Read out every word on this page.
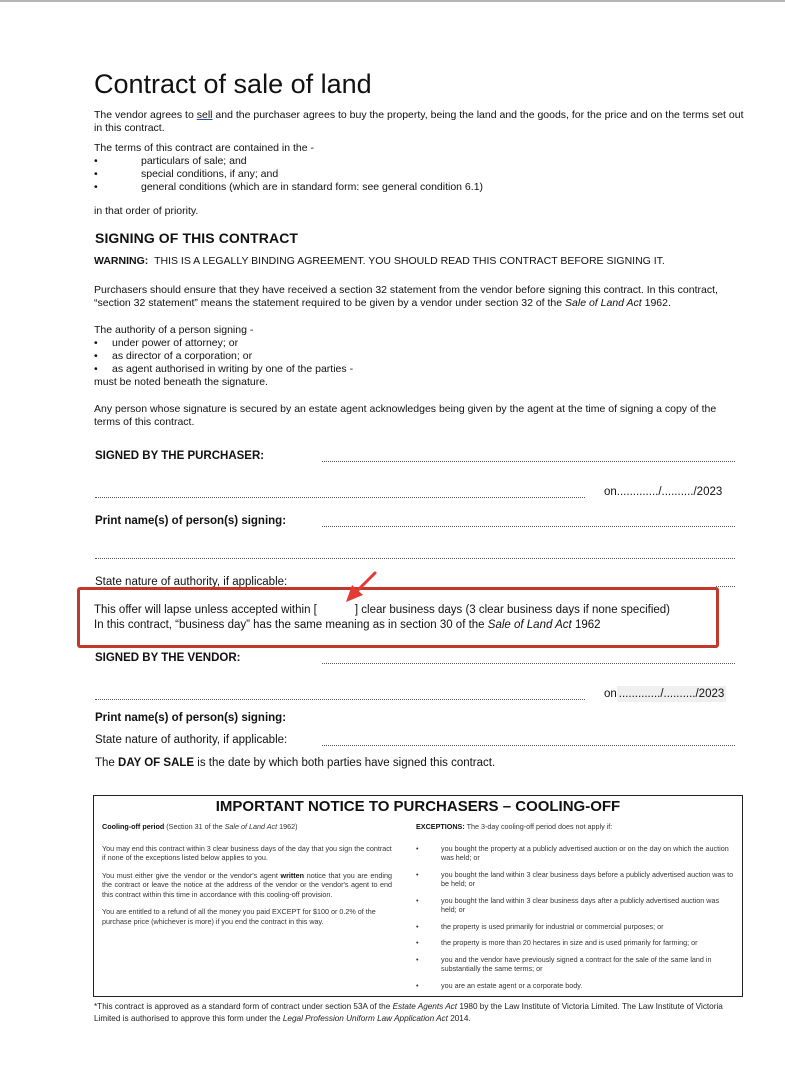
Contract of sale of land
The vendor agrees to sell and the purchaser agrees to buy the property, being the land and the goods, for the price and on the terms set out in this contract.
The terms of this contract are contained in the -
•	particulars of sale; and
•	special conditions, if any; and
•	general conditions (which are in standard form: see general condition 6.1)
in that order of priority.
SIGNING OF THIS CONTRACT
WARNING: THIS IS A LEGALLY BINDING AGREEMENT. YOU SHOULD READ THIS CONTRACT BEFORE SIGNING IT.
Purchasers should ensure that they have received a section 32 statement from the vendor before signing this contract. In this contract, “section 32 statement” means the statement required to be given by a vendor under section 32 of the Sale of Land Act 1962.
The authority of a person signing -
•	under power of attorney; or
•	as director of a corporation; or
•	as agent authorised in writing by one of the parties -
must be noted beneath the signature.
Any person whose signature is secured by an estate agent acknowledges being given by the agent at the time of signing a copy of the terms of this contract.
SIGNED BY THE PURCHASER:
on............./........../2023
Print name(s) of person(s) signing:
State nature of authority, if applicable:
This offer will lapse unless accepted within [	] clear business days (3 clear business days if none specified)
In this contract, “business day” has the same meaning as in section 30 of the Sale of Land Act 1962
SIGNED BY THE VENDOR:
on ............./........../2023
Print name(s) of person(s) signing:
State nature of authority, if applicable:
The DAY OF SALE is the date by which both parties have signed this contract.
IMPORTANT NOTICE TO PURCHASERS – COOLING-OFF

Cooling-off period (Section 31 of the Sale of Land Act 1962)

You may end this contract within 3 clear business days of the day that you sign the contract if none of the exceptions listed below applies to you.

You must either give the vendor or the vendor's agent written notice that you are ending the contract or leave the notice at the address of the vendor or the vendor's agent to end this contract within this time in accordance with this cooling-off provision.

You are entitled to a refund of all the money you paid EXCEPT for $100 or 0.2% of the purchase price (whichever is more) if you end the contract in this way.

EXCEPTIONS: The 3-day cooling-off period does not apply if:

•	you bought the property at a publicly advertised auction or on the day on which the auction was held; or
•	you bought the land within 3 clear business days before a publicly advertised auction was to be held; or
•	you bought the land within 3 clear business days after a publicly advertised auction was held; or
•	the property is used primarily for industrial or commercial purposes; or
•	the property is more than 20 hectares in size and is used primarily for farming; or
•	you and the vendor have previously signed a contract for the sale of the same land in substantially the same terms; or
•	you are an estate agent or a corporate body.
*This contract is approved as a standard form of contract under section 53A of the Estate Agents Act 1980 by the Law Institute of Victoria Limited. The Law Institute of Victoria Limited is authorised to approve this form under the Legal Profession Uniform Law Application Act 2014.
